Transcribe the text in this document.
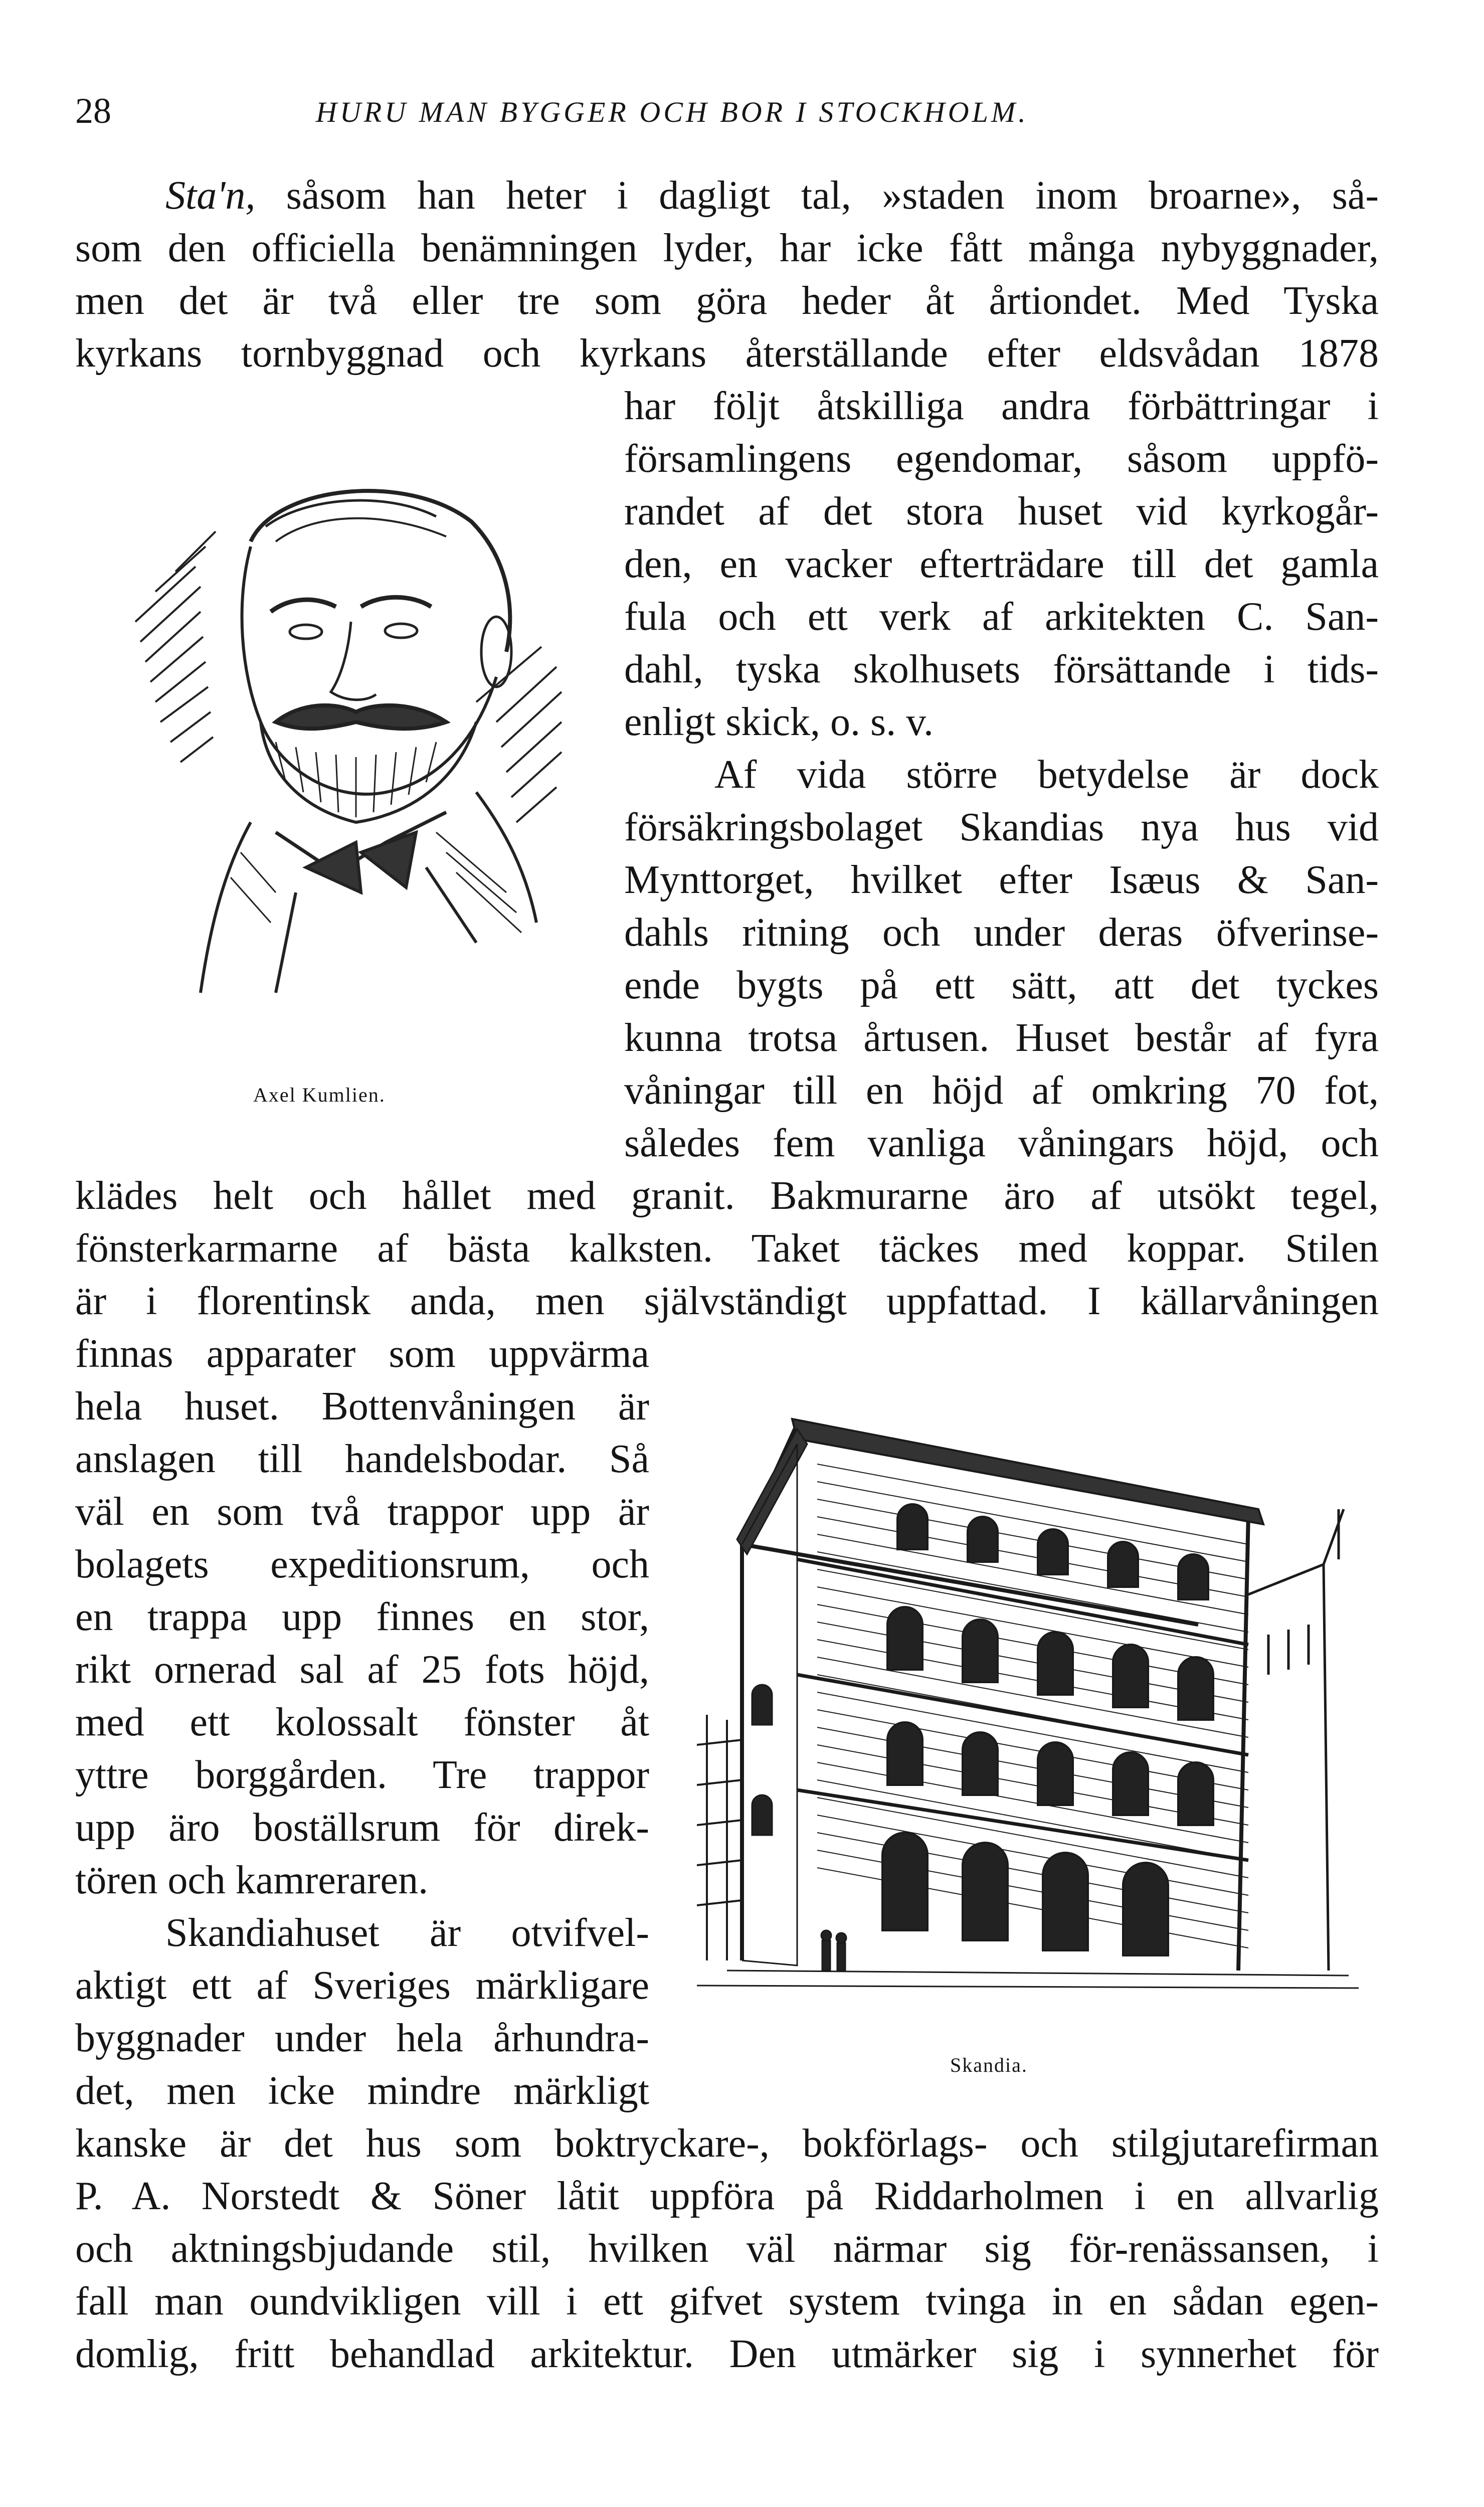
28	HURU MAN BYGGER OCH BOR I STOCKHOLM.
Sta'n, såsom han heter i dagligt tal, »staden inom broarne», så-
som den officiella benämningen lyder, har icke fått många nybyggnader,
men det är två eller tre som göra heder åt årtiondet. Med Tyska
kyrkans tornbyggnad och kyrkans återställande efter eldsvådan 1878
har följt åtskilliga andra förbättringar i
församlingens egendomar, såsom uppfö-
randet af det stora huset vid kyrkogår-
den, en vacker efterträdare till det gamla
fula och ett verk af arkitekten C. San-
dahl, tyska skolhusets försättande i tids-
enligt skick, o. s. v.
Af vida större betydelse är dock
försäkringsbolaget Skandias nya hus vid
Mynttorget, hvilket efter Isæus & San-
dahls ritning och under deras öfverinse-
ende bygts på ett sätt, att det tyckes
kunna trotsa årtusen. Huset består af fyra
våningar till en höjd af omkring 70 fot,
således fem vanliga våningars höjd, och
klädes helt och hållet med granit. Bakmurarne äro af utsökt tegel,
fönsterkarmarne af bästa kalksten. Taket täckes med koppar. Stilen
är i florentinsk anda, men självständigt uppfattad. I källarvåningen
finnas apparater som uppvärma
hela huset. Bottenvåningen är
anslagen till handelsbodar. Så
väl en som två trappor upp är
bolagets expeditionsrum, och
en trappa upp finnes en stor,
rikt ornerad sal af 25 fots höjd,
med ett kolossalt fönster åt
yttre borggården. Tre trappor
upp äro boställsrum för direk-
tören och kamreraren.
Skandiahuset är otvifvel-
aktigt ett af Sveriges märkligare
byggnader under hela århundra-
det, men icke mindre märkligt
kanske är det hus som boktryckare-, bokförlags- och stilgjutarefirman
P. A. Norstedt & Söner låtit uppföra på Riddarholmen i en allvarlig
och aktningsbjudande stil, hvilken väl närmar sig för-renässansen, i
fall man oundvikligen vill i ett gifvet system tvinga in en sådan egen-
domlig, fritt behandlad arkitektur. Den utmärker sig i synnerhet för
Axel Kumlien.
Skandia.
